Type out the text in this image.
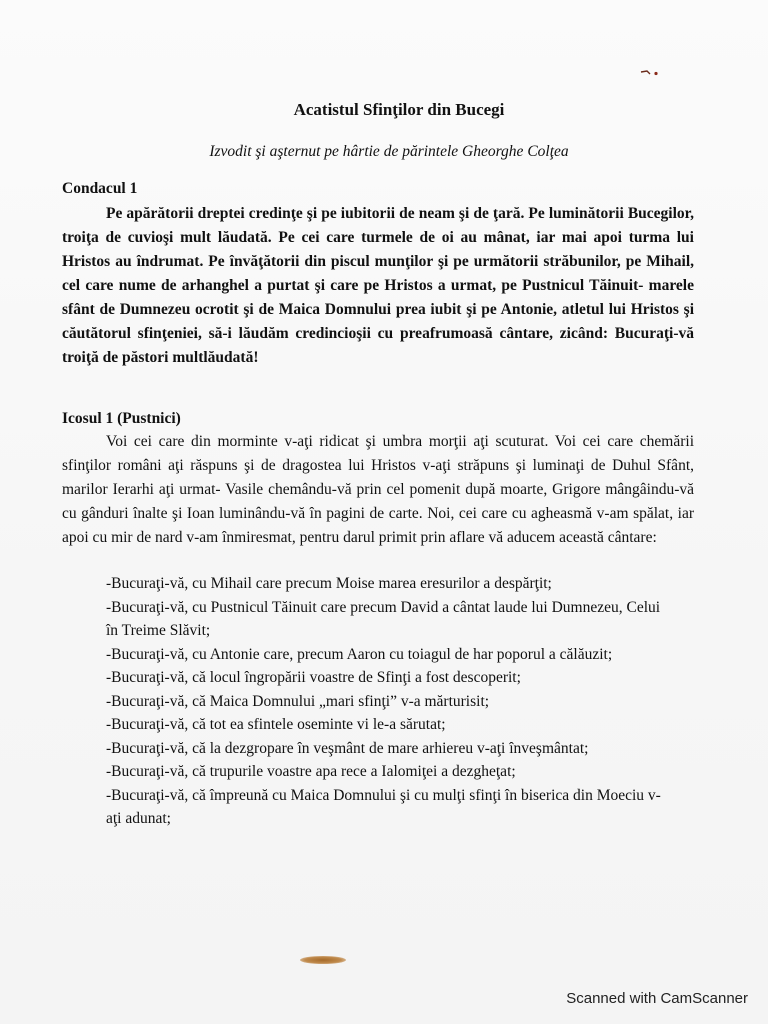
Acatistul Sfinţilor din Bucegi
Izvodit şi aşternut pe hârtie de părintele Gheorghe Colţea
Condacul 1
Pe apărătorii dreptei credinţe şi pe iubitorii de neam şi de ţară. Pe luminătorii Bucegilor, troiţa de cuvioşi mult lăudată. Pe cei care turmele de oi au mânat, iar mai apoi turma lui Hristos au îndrumat. Pe învăţătorii din piscul munţilor şi pe următorii străbunilor, pe Mihail, cel care nume de arhanghel a purtat şi care pe Hristos a urmat, pe Pustnicul Tăinuit- marele sfânt de Dumnezeu ocrotit şi de Maica Domnului prea iubit şi pe Antonie, atletul lui Hristos şi căutătorul sfinţeniei, să-i lăudăm credincioşii cu preafrumoasă cântare, zicând: Bucuraţi-vă troiţă de păstori multlăudată!
Icosul 1 (Pustnici)
Voi cei care din morminte v-aţi ridicat şi umbra morţii aţi scuturat. Voi cei care chemării sfinţilor români aţi răspuns şi de dragostea lui Hristos v-aţi străpuns şi luminaţi de Duhul Sfânt, marilor Ierarhi aţi urmat- Vasile chemându-vă prin cel pomenit după moarte, Grigore mângâindu-vă cu gânduri înalte şi Ioan luminându-vă în pagini de carte. Noi, cei care cu agheasmă v-am spălat, iar apoi cu mir de nard v-am înmiresmat, pentru darul primit prin aflare vă aducem această cântare:
-Bucuraţi-vă, cu Mihail care precum Moise marea eresurilor a despărţit;
-Bucuraţi-vă, cu Pustnicul Tăinuit care precum David a cântat laude lui Dumnezeu, Celui în Treime Slăvit;
-Bucuraţi-vă, cu Antonie care, precum Aaron cu toiagul de har poporul a călăuzit;
-Bucuraţi-vă, că locul îngropării voastre de Sfinţi a fost descoperit;
-Bucuraţi-vă, că Maica Domnului „mari sfinţi” v-a mărturisit;
-Bucuraţi-vă, că tot ea sfintele oseminte vi le-a sărutat;
-Bucuraţi-vă, că la dezgropare în veşmânt de mare arhiereu v-aţi înveşmântat;
-Bucuraţi-vă, că trupurile voastre apa rece a Ialomiţei a dezgheţat;
-Bucuraţi-vă, că împreună cu Maica Domnului şi cu mulţi sfinţi în biserica din Moeciu v-aţi adunat;
Scanned with CamScanner
